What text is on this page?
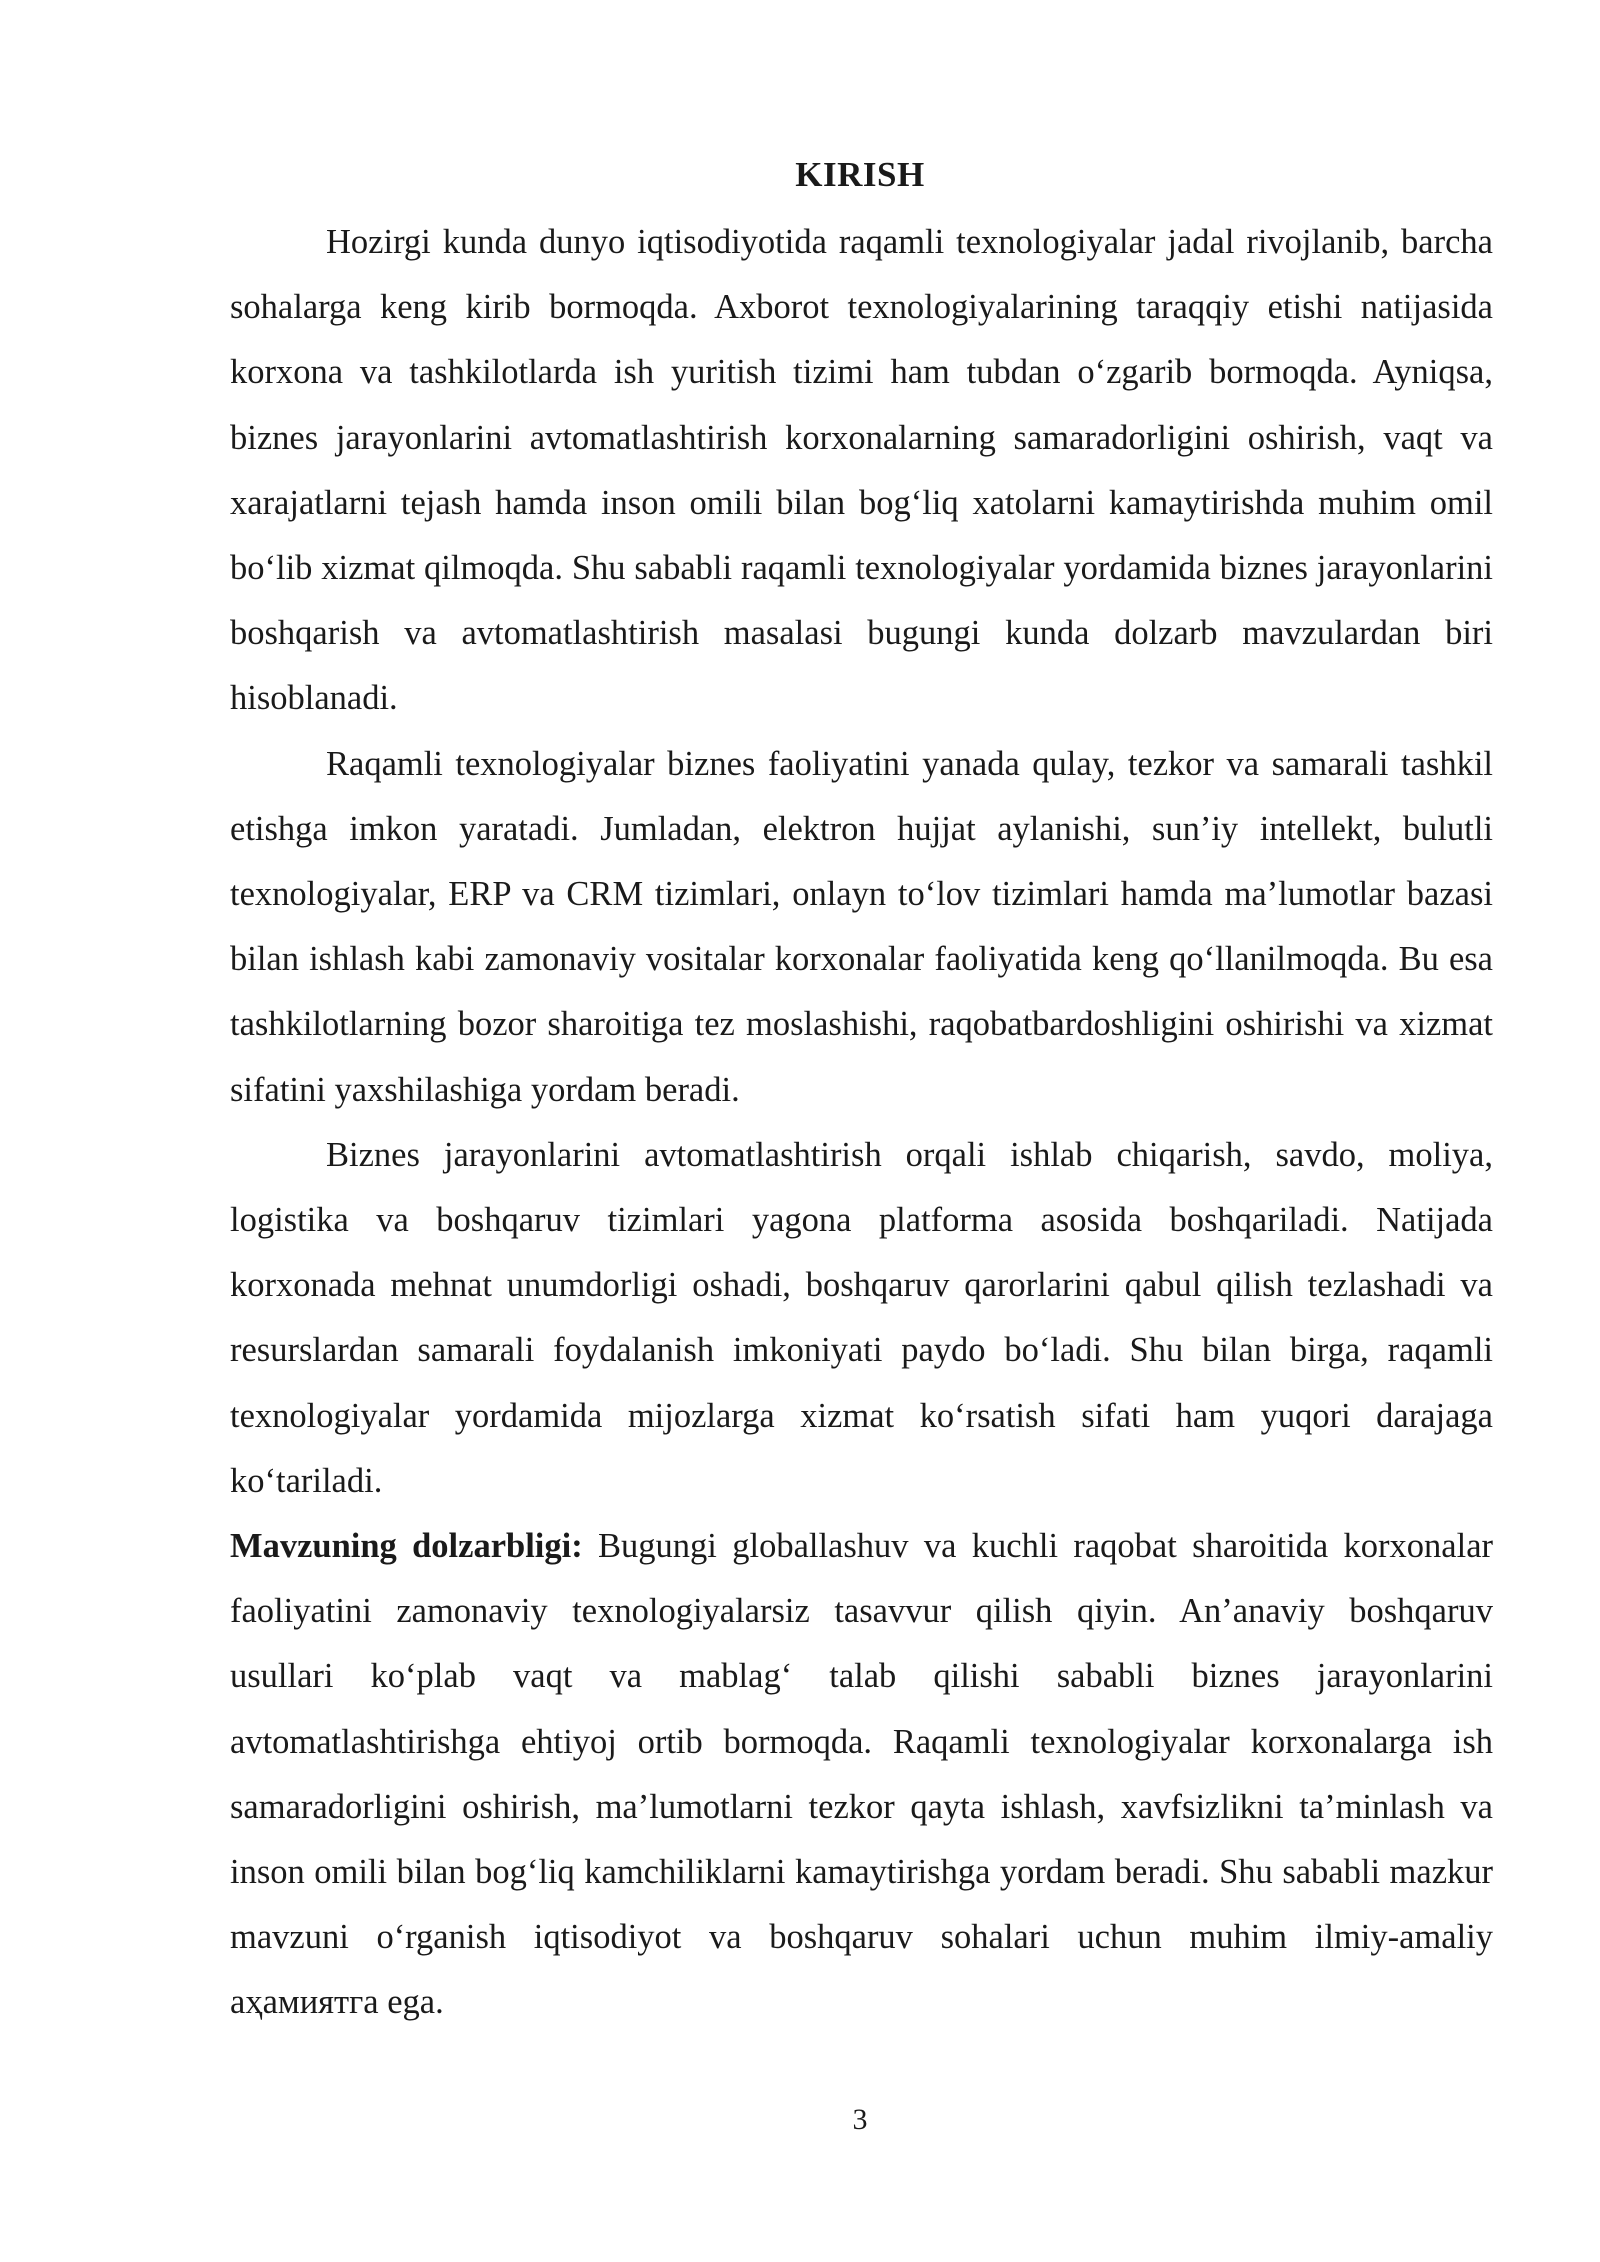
KIRISH

Hozirgi kunda dunyo iqtisodiyotida raqamli texnologiyalar jadal rivojlanib, barcha sohalarga keng kirib bormoqda. Axborot texnologiyalarining taraqqiy etishi natijasida korxona va tashkilotlarda ish yuritish tizimi ham tubdan o‘zgarib bormoqda. Ayniqsa, biznes jarayonlarini avtomatlashtirish korxonalarning samaradorligini oshirish, vaqt va xarajatlarni tejash hamda inson omili bilan bog‘liq xatolarni kamaytirishda muhim omil bo‘lib xizmat qilmoqda. Shu sababli raqamli texnologiyalar yordamida biznes jarayonlarini boshqarish va avtomatlashtirish masalasi bugungi kunda dolzarb mavzulardan biri hisoblanadi.

Raqamli texnologiyalar biznes faoliyatini yanada qulay, tezkor va samarali tashkil etishga imkon yaratadi. Jumladan, elektron hujjat aylanishi, sun’iy intellekt, bulutli texnologiyalar, ERP va CRM tizimlari, onlayn to‘lov tizimlari hamda ma’lumotlar bazasi bilan ishlash kabi zamonaviy vositalar korxonalar faoliyatida keng qo‘llanilmoqda. Bu esa tashkilotlarning bozor sharoitiga tez moslashishi, raqobatbardoshligini oshirishi va xizmat sifatini yaxshilashiga yordam beradi.

Biznes jarayonlarini avtomatlashtirish orqali ishlab chiqarish, savdo, moliya, logistika va boshqaruv tizimlari yagona platforma asosida boshqariladi. Natijada korxonada mehnat unumdorligi oshadi, boshqaruv qarorlarini qabul qilish tezlashadi va resurslardan samarali foydalanish imkoniyati paydo bo‘ladi. Shu bilan birga, raqamli texnologiyalar yordamida mijozlarga xizmat ko‘rsatish sifati ham yuqori darajaga ko‘tariladi.

Mavzuning dolzarbligi: Bugungi globallashuv va kuchli raqobat sharoitida korxonalar faoliyatini zamonaviy texnologiyalarsiz tasavvur qilish qiyin. An’anaviy boshqaruv usullari ko‘plab vaqt va mablag‘ talab qilishi sababli biznes jarayonlarini avtomatlashtirishga ehtiyoj ortib bormoqda. Raqamli texnologiyalar korxonalarga ish samaradorligini oshirish, ma’lumotlarni tezkor qayta ishlash, xavfsizlikni ta’minlash va inson omili bilan bog‘liq kamchiliklarni kamaytirishga yordam beradi. Shu sababli mazkur mavzuni o‘rganish iqtisodiyot va boshqaruv sohalari uchun muhim ilmiy-amaliy аҳамиятга ega.

3
